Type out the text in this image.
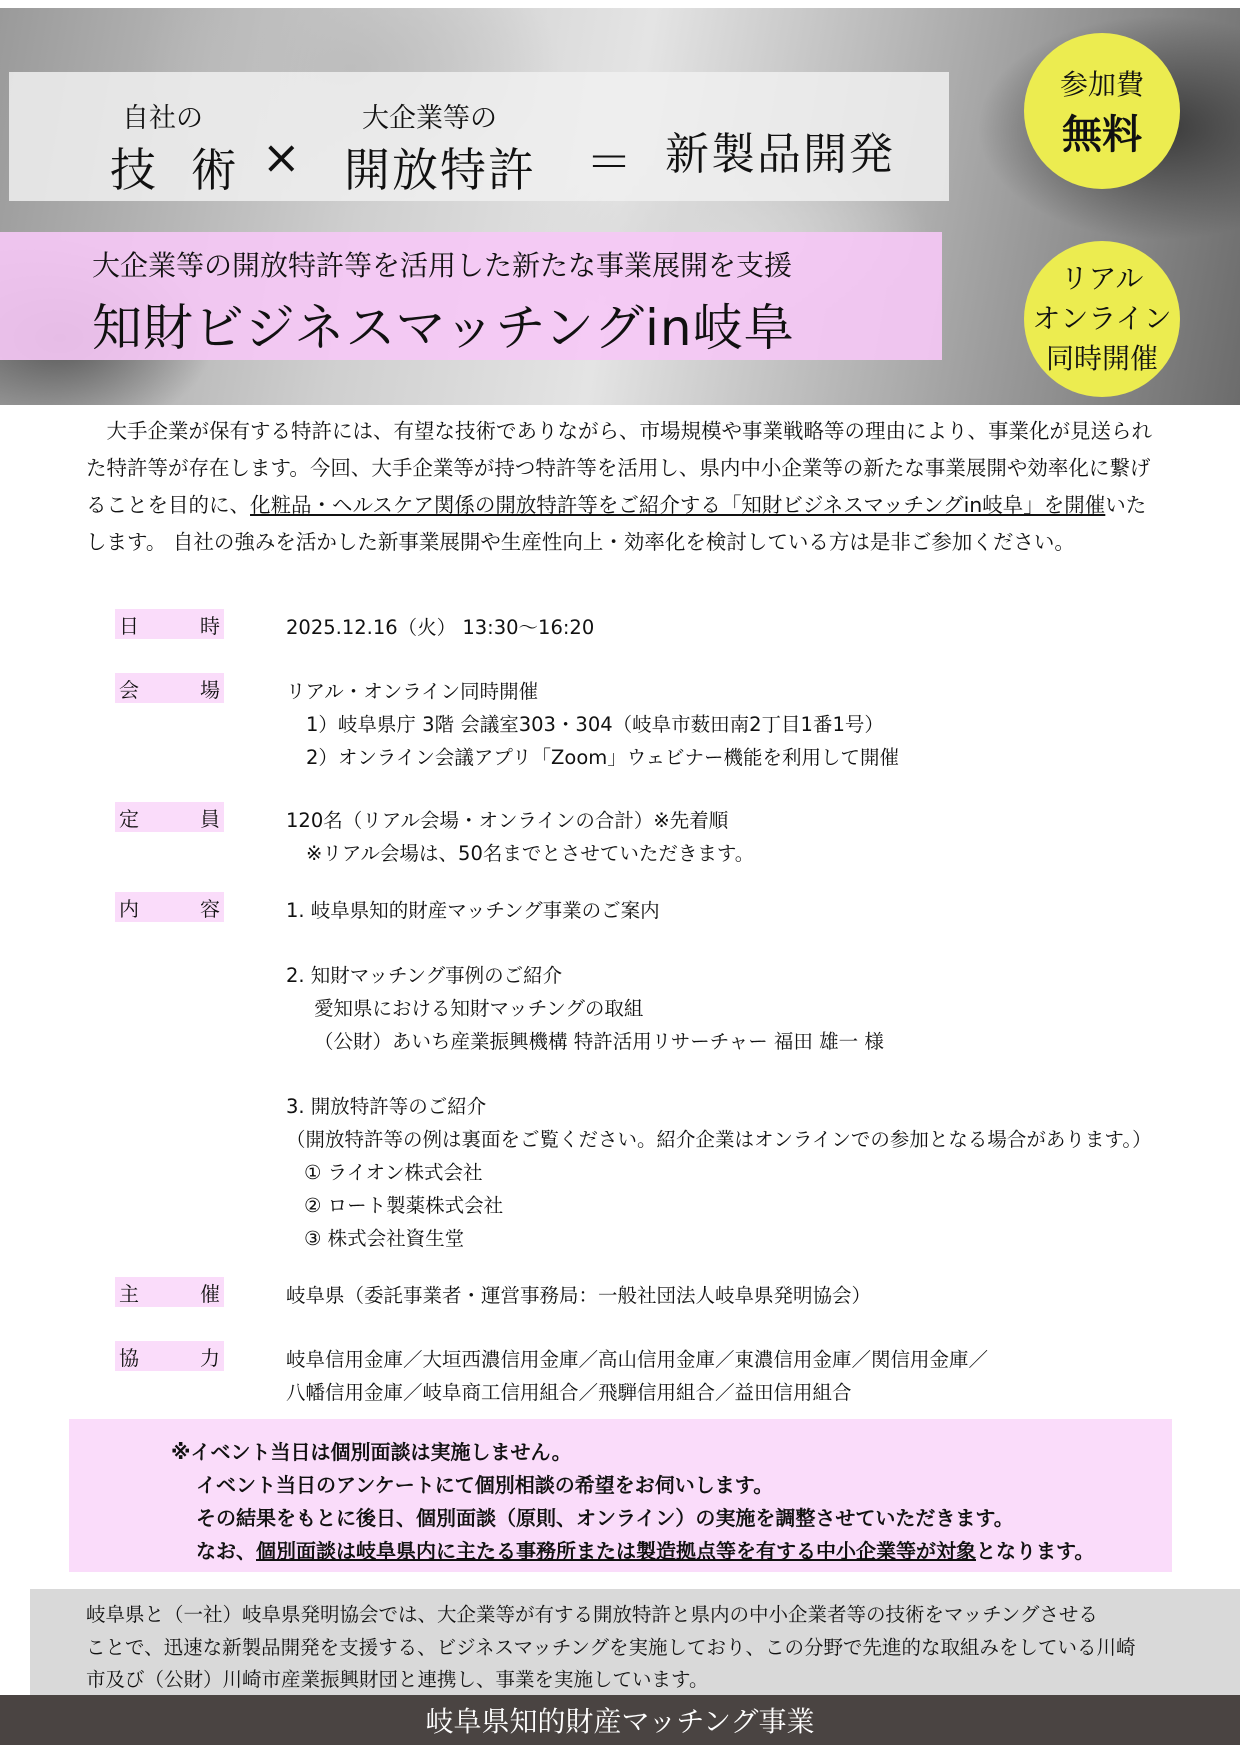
自社の
技 術 ×
大企業等の
開放特許 ＝ 新製品開発
大企業等の開放特許等を活用した新たな事業展開を支援
知財ビジネスマッチングin岐阜
参加費
無料
リアル
オンライン
同時開催

大手企業が保有する特許には、有望な技術でありながら、市場規模や事業戦略等の理由により、事業化が見送られた特許等が存在します。今回、大手企業等が持つ特許等を活用し、県内中小企業等の新たな事業展開や効率化に繋げることを目的に、化粧品・ヘルスケア関係の開放特許等をご紹介する「知財ビジネスマッチングin岐阜」を開催いたします。 自社の強みを活かした新事業展開や生産性向上・効率化を検討している方は是非ご参加ください。

日	時	2025.12.16（火） 13:30～16:20
会	場	リアル・オンライン同時開催
1）岐阜県庁 3階 会議室303・304（岐阜市薮田南2丁目1番1号）
2）オンライン会議アプリ「Zoom」ウェビナー機能を利用して開催
定	員	120名（リアル会場・オンラインの合計）※先着順
※リアル会場は、50名までとさせていただきます。
内	容	1. 岐阜県知的財産マッチング事業のご案内
2. 知財マッチング事例のご紹介
愛知県における知財マッチングの取組
（公財）あいち産業振興機構 特許活用リサーチャー 福田 雄一 様
3. 開放特許等のご紹介
（開放特許等の例は裏面をご覧ください。紹介企業はオンラインでの参加となる場合があります。）
① ライオン株式会社
② ロート製薬株式会社
③ 株式会社資生堂
主	催	岐阜県（委託事業者・運営事務局：一般社団法人岐阜県発明協会）
協	力	岐阜信用金庫／大垣西濃信用金庫／高山信用金庫／東濃信用金庫／関信用金庫／
八幡信用金庫／岐阜商工信用組合／飛騨信用組合／益田信用組合
※イベント当日は個別面談は実施しません。
イベント当日のアンケートにて個別相談の希望をお伺いします。
その結果をもとに後日、個別面談（原則、オンライン）の実施を調整させていただきます。
なお、個別面談は岐阜県内に主たる事務所または製造拠点等を有する中小企業等が対象となります。
岐阜県と（一社）岐阜県発明協会では、大企業等が有する開放特許と県内の中小企業者等の技術をマッチングさせる
ことで、迅速な新製品開発を支援する、ビジネスマッチングを実施しており、この分野で先進的な取組みをしている川崎
市及び（公財）川崎市産業振興財団と連携し、事業を実施しています。
岐阜県知的財産マッチング事業
